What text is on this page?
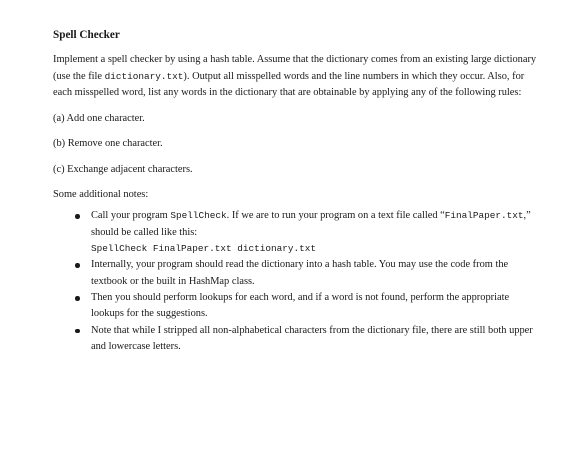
Spell Checker

Implement a spell checker by using a hash table. Assume that the dictionary comes from an existing large dictionary (use the file dictionary.txt). Output all misspelled words and the line numbers in which they occur. Also, for each misspelled word, list any words in the dictionary that are obtainable by applying any of the following rules:

(a) Add one character.

(b) Remove one character.

(c) Exchange adjacent characters.

Some additional notes:

Call your program SpellCheck. If we are to run your program on a text file called “FinalPaper.txt,” should be called like this:
SpellCheck FinalPaper.txt dictionary.txt
Internally, your program should read the dictionary into a hash table. You may use the code from the textbook or the built in HashMap class.
Then you should perform lookups for each word, and if a word is not found, perform the appropriate lookups for the suggestions.
Note that while I stripped all non-alphabetical characters from the dictionary file, there are still both upper and lowercase letters.
